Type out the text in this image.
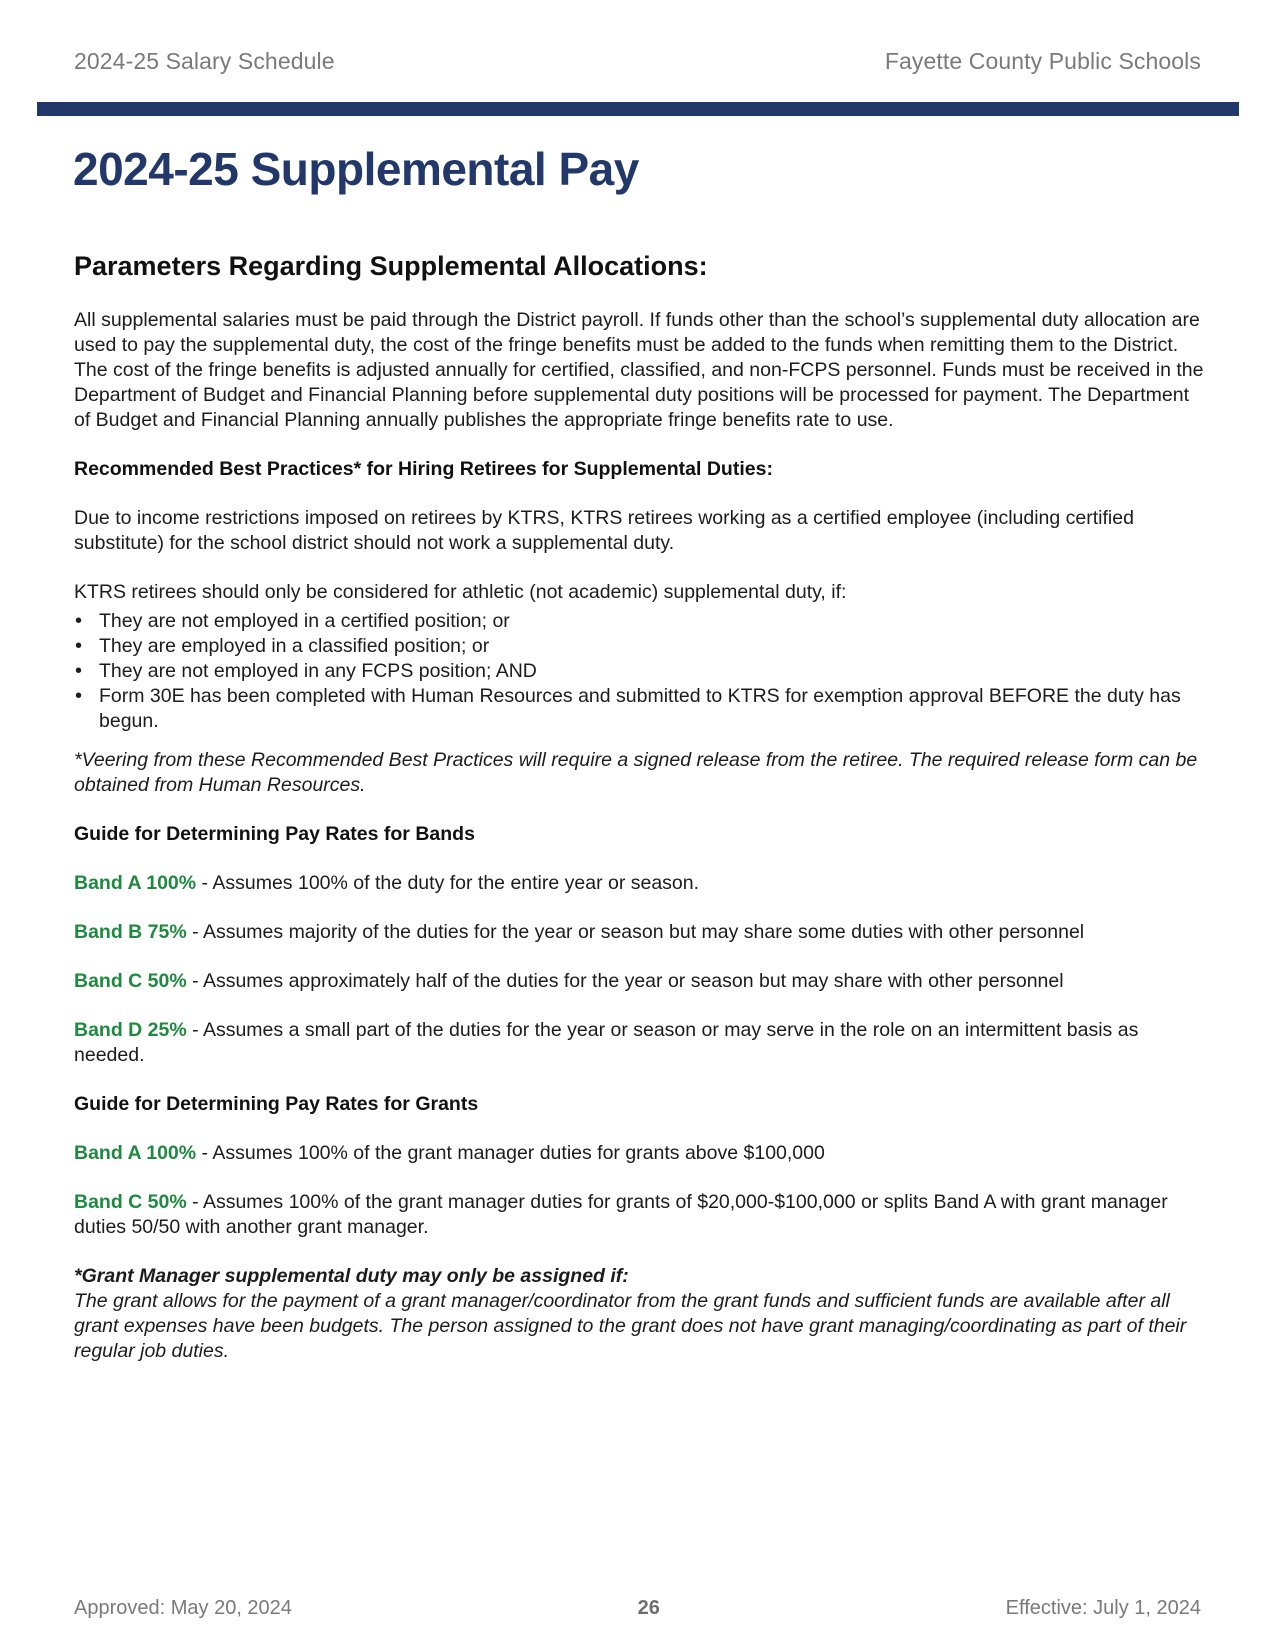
2024-25 Salary Schedule	Fayette County Public Schools
2024-25 Supplemental Pay
Parameters Regarding Supplemental Allocations:

All supplemental salaries must be paid through the District payroll. If funds other than the school’s supplemental duty allocation are used to pay the supplemental duty, the cost of the fringe benefits must be added to the funds when remitting them to the District. The cost of the fringe benefits is adjusted annually for certified, classified, and non-FCPS personnel. Funds must be received in the Department of Budget and Financial Planning before supplemental duty positions will be processed for payment. The Department of Budget and Financial Planning annually publishes the appropriate fringe benefits rate to use.

Recommended Best Practices* for Hiring Retirees for Supplemental Duties:

Due to income restrictions imposed on retirees by KTRS, KTRS retirees working as a certified employee (including certified substitute) for the school district should not work a supplemental duty.

KTRS retirees should only be considered for athletic (not academic) supplemental duty, if:

• They are not employed in a certified position; or
• They are employed in a classified position; or
• They are not employed in any FCPS position; AND
• Form 30E has been completed with Human Resources and submitted to KTRS for exemption approval BEFORE the duty has begun.

*Veering from these Recommended Best Practices will require a signed release from the retiree. The required release form can be obtained from Human Resources.

Guide for Determining Pay Rates for Bands

Band A 100% - Assumes 100% of the duty for the entire year or season.

Band B 75% - Assumes majority of the duties for the year or season but may share some duties with other personnel

Band C 50% - Assumes approximately half of the duties for the year or season but may share with other personnel

Band D 25% - Assumes a small part of the duties for the year or season or may serve in the role on an intermittent basis as needed.

Guide for Determining Pay Rates for Grants

Band A 100% - Assumes 100% of the grant manager duties for grants above $100,000

Band C 50% - Assumes 100% of the grant manager duties for grants of $20,000-$100,000 or splits Band A with grant manager duties 50/50 with another grant manager.

*Grant Manager supplemental duty may only be assigned if:

The grant allows for the payment of a grant manager/coordinator from the grant funds and sufficient funds are available after all grant expenses have been budgets. The person assigned to the grant does not have grant managing/coordinating as part of their regular job duties.

Approved: May 20, 2024	26	Effective: July 1, 2024
